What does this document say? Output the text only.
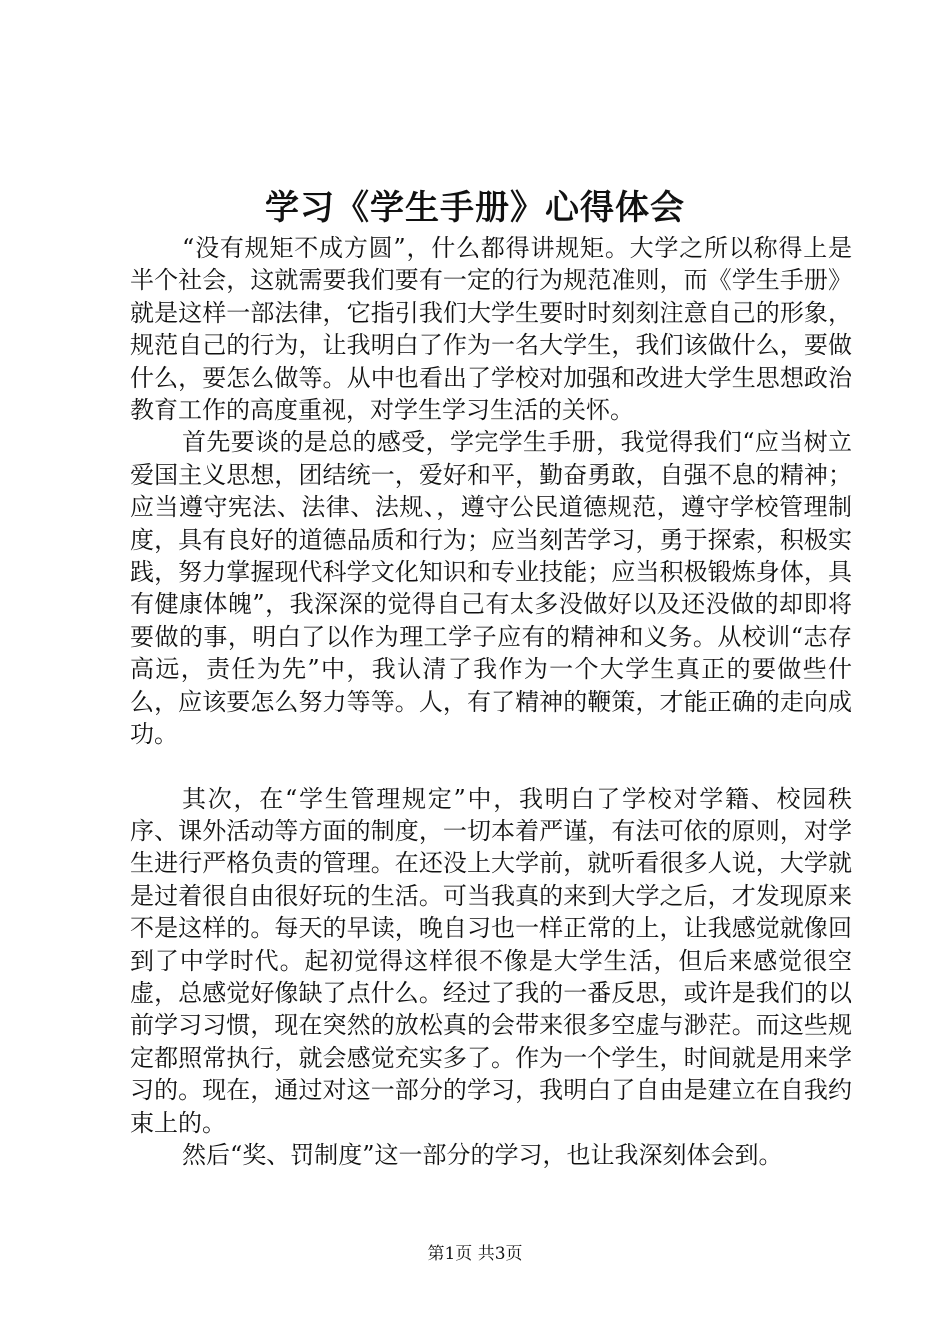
学习《学生手册》心得体会

“没有规矩不成方圆”，什么都得讲规矩。大学之所以称得上是半个社会，这就需要我们要有一定的行为规范准则，而《学生手册》就是这样一部法律，它指引我们大学生要时时刻刻注意自己的形象，规范自己的行为，让我明白了作为一名大学生，我们该做什么，要做什么，要怎么做等。从中也看出了学校对加强和改进大学生思想政治教育工作的高度重视，对学生学习生活的关怀。

首先要谈的是总的感受，学完学生手册，我觉得我们“应当树立爱国主义思想，团结统一，爱好和平，勤奋勇敢，自强不息的精神；应当遵守宪法、法律、法规、，遵守公民道德规范，遵守学校管理制度，具有良好的道德品质和行为；应当刻苦学习，勇于探索，积极实践，努力掌握现代科学文化知识和专业技能；应当积极锻炼身体，具有健康体魄”，我深深的觉得自己有太多没做好以及还没做的却即将要做的事，明白了以作为理工学子应有的精神和义务。从校训“志存高远，责任为先”中，我认清了我作为一个大学生真正的要做些什么，应该要怎么努力等等。人，有了精神的鞭策，才能正确的走向成功。

其次，在“学生管理规定”中，我明白了学校对学籍、校园秩序、课外活动等方面的制度，一切本着严谨，有法可依的原则，对学生进行严格负责的管理。在还没上大学前，就听看很多人说，大学就是过着很自由很好玩的生活。可当我真的来到大学之后，才发现原来不是这样的。每天的早读，晚自习也一样正常的上，让我感觉就像回到了中学时代。起初觉得这样很不像是大学生活，但后来感觉很空虚，总感觉好像缺了点什么。经过了我的一番反思，或许是我们的以前学习习惯，现在突然的放松真的会带来很多空虚与渺茫。而这些规定都照常执行，就会感觉充实多了。作为一个学生，时间就是用来学习的。现在，通过对这一部分的学习，我明白了自由是建立在自我约束上的。

然后“奖、罚制度”这一部分的学习，也让我深刻体会到。

第1页 共3页
